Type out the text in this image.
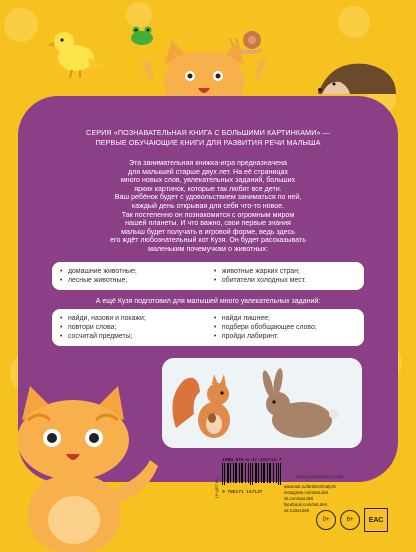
СЕРИЯ «ПОЗНАВАТЕЛЬНАЯ КНИГА С БОЛЬШИМИ КАРТИНКАМИ» —
ПЕРВЫЕ ОБУЧАЮЩИЕ КНИГИ ДЛЯ РАЗВИТИЯ РЕЧИ МАЛЫША

Эта занимательная книжка-игра предназначена

для малышей старше двух лет. На её страницах

много новых слов, увлекательных заданий, больших

ярких картинок, которые так любят все дети.

Ваш ребёнок будет с удовольствием заниматься по ней,

каждый день открывая для себя что-то новое.

Так постепенно он познакомится с огромным миром

нашей планеты. И что важно, свои первые знания

малыш будет получать в игровой форме, ведь здесь

его ждёт любознательный кот Кузя. Он будет рассказывать

маленьким почемучкам о животных:

• домашние животные;
• лесные животные;
• животные жарких стран;
• обитатели холодных мест.
А ещё Кузя подготовил для малышей много увлекательных заданий:
• найди, назови и покажи;
• повтори слова;
• сосчитай предметы;
• найди лишнее;
• подбери обобщающее слово;
• пройди лабиринт.
16+ДЕТ.КН
ISBN 978-5-17-115713-7
9 785171 157137
Присоединяйтесь к нам!
www.ast.ru/detstvo/malysh
instagram.com/ast.deti
vk.com/ast.deti
facebook.com/ast.deti
ok.ru/ast.deti
0+	6+	ЕАС
